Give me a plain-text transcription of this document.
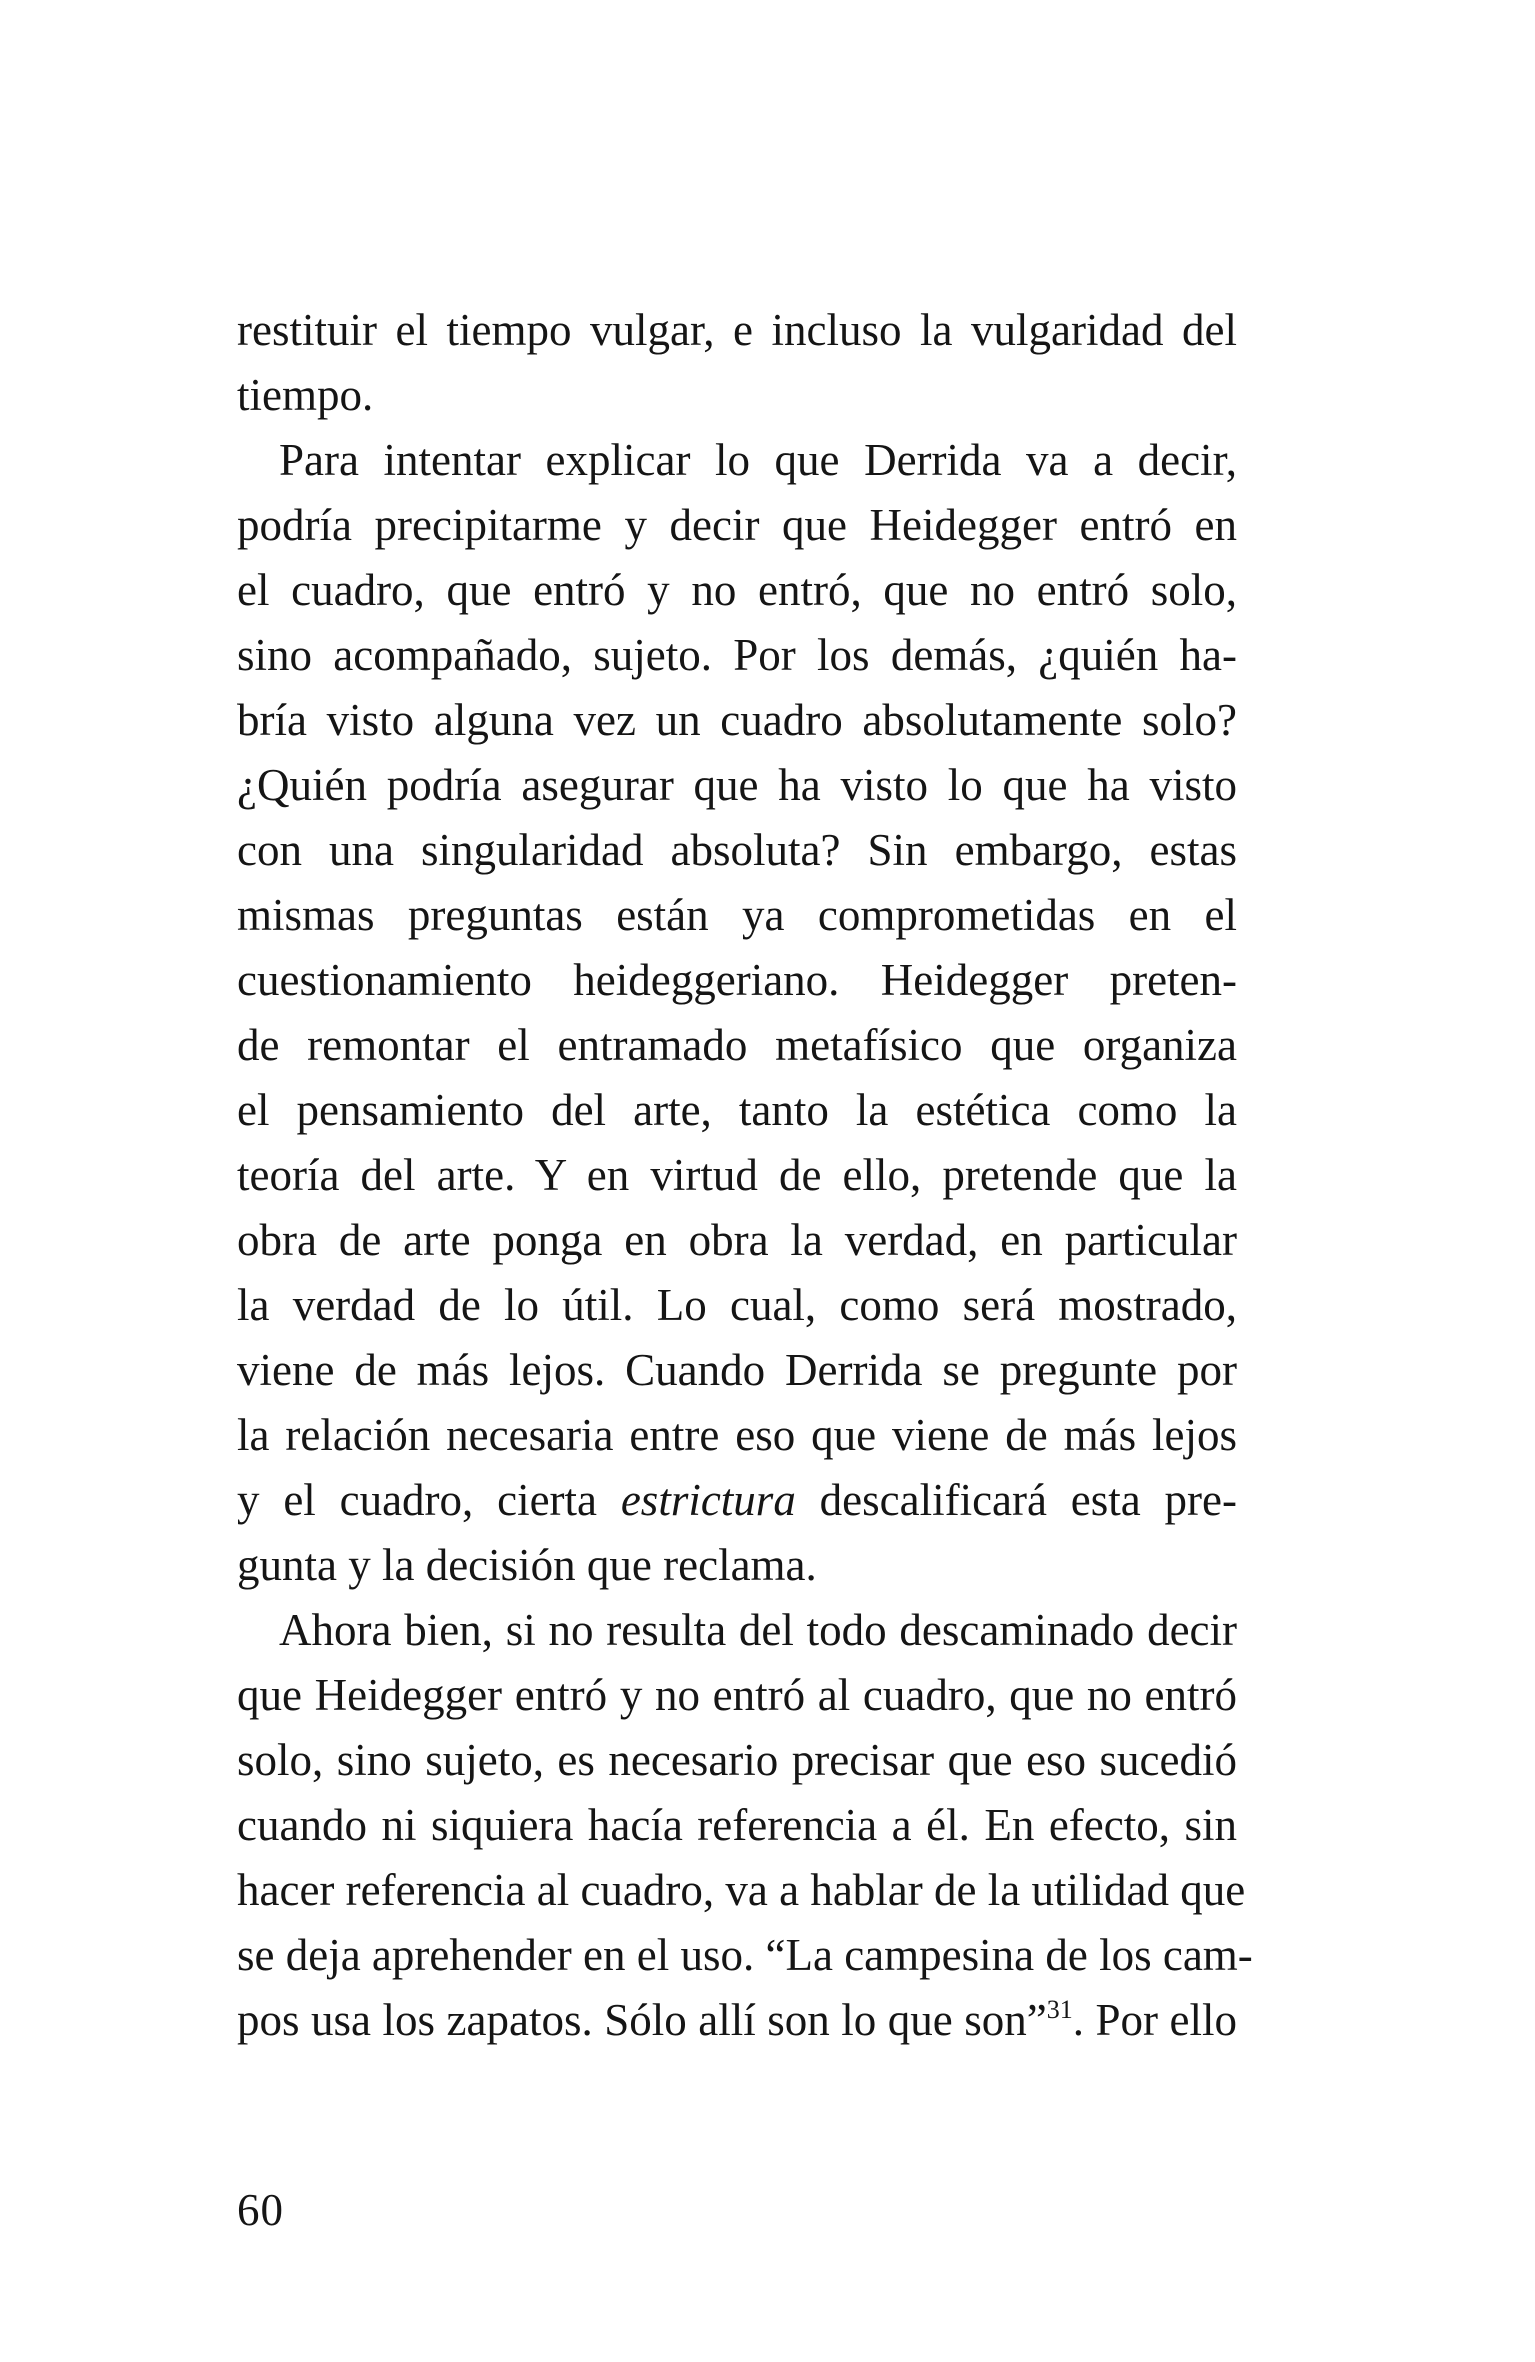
restituir el tiempo vulgar, e incluso la vulgaridad del
tiempo.
Para intentar explicar lo que Derrida va a decir,
podría precipitarme y decir que Heidegger entró en
el cuadro, que entró y no entró, que no entró solo,
sino acompañado, sujeto. Por los demás, ¿quién ha-
bría visto alguna vez un cuadro absolutamente solo?
¿Quién podría asegurar que ha visto lo que ha visto
con una singularidad absoluta? Sin embargo, estas
mismas preguntas están ya comprometidas en el
cuestionamiento heideggeriano. Heidegger preten-
de remontar el entramado metafísico que organiza
el pensamiento del arte, tanto la estética como la
teoría del arte. Y en virtud de ello, pretende que la
obra de arte ponga en obra la verdad, en particular
la verdad de lo útil. Lo cual, como será mostrado,
viene de más lejos. Cuando Derrida se pregunte por
la relación necesaria entre eso que viene de más lejos
y el cuadro, cierta estrictura descalificará esta pre-
gunta y la decisión que reclama.
Ahora bien, si no resulta del todo descaminado decir
que Heidegger entró y no entró al cuadro, que no entró
solo, sino sujeto, es necesario precisar que eso sucedió
cuando ni siquiera hacía referencia a él. En efecto, sin
hacer referencia al cuadro, va a hablar de la utilidad que
se deja aprehender en el uso. “La campesina de los cam-
pos usa los zapatos. Sólo allí son lo que son”$^{31}$. Por ello
60
